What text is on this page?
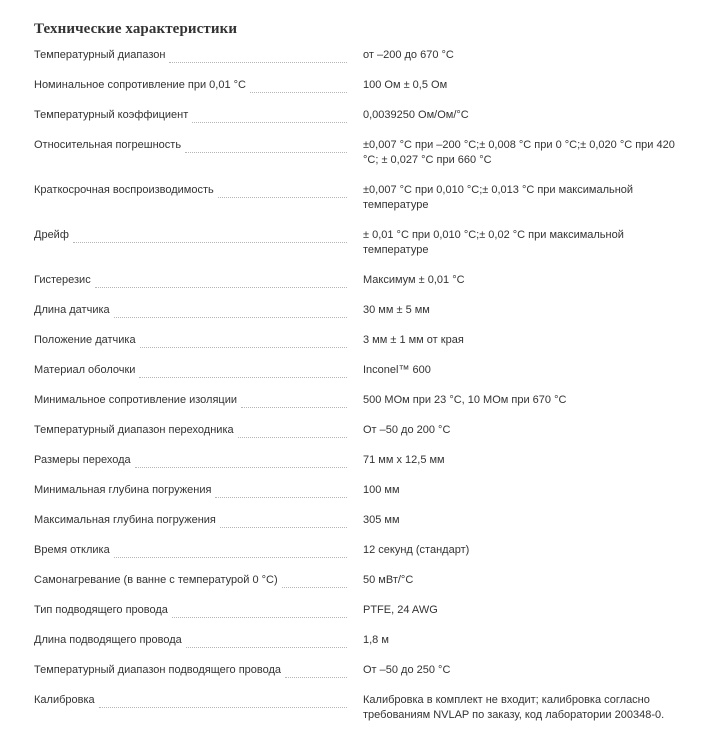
Технические характеристики
Температурный диапазон	от –200 до 670 °C
Номинальное сопротивление при 0,01 °C	100 Ом ± 0,5 Ом
Температурный коэффициент	0,0039250 Ом/Ом/°C
Относительная погрешность	±0,007 °C при –200 °C;± 0,008 °C при 0 °C;± 0,020 °C при 420 °C; ± 0,027 °C при 660 °C
Краткосрочная воспроизводимость	±0,007 °C при 0,010 °C;± 0,013 °C при максимальной температуре
Дрейф	± 0,01 °C при 0,010 °C;± 0,02 °C при максимальной температуре
Гистерезис	Максимум ± 0,01 °C
Длина датчика	30 мм ± 5 мм
Положение датчика	3 мм ± 1 мм от края
Материал оболочки	Inconel™ 600
Минимальное сопротивление изоляции	500 МОм при 23 °C, 10 МОм при 670 °C
Температурный диапазон переходника	От –50 до 200 °C
Размеры перехода	71 мм x 12,5 мм
Минимальная глубина погружения	100 мм
Максимальная глубина погружения	305 мм
Время отклика	12 секунд (стандарт)
Самонагревание (в ванне с температурой 0 °C)	50 мВт/°C
Тип подводящего провода	PTFE, 24 AWG
Длина подводящего провода	1,8 м
Температурный диапазон подводящего провода	От –50 до 250 °C
Калибровка	Калибровка в комплект не входит; калибровка согласно требованиям NVLAP по заказу, код лаборатории 200348-0.
